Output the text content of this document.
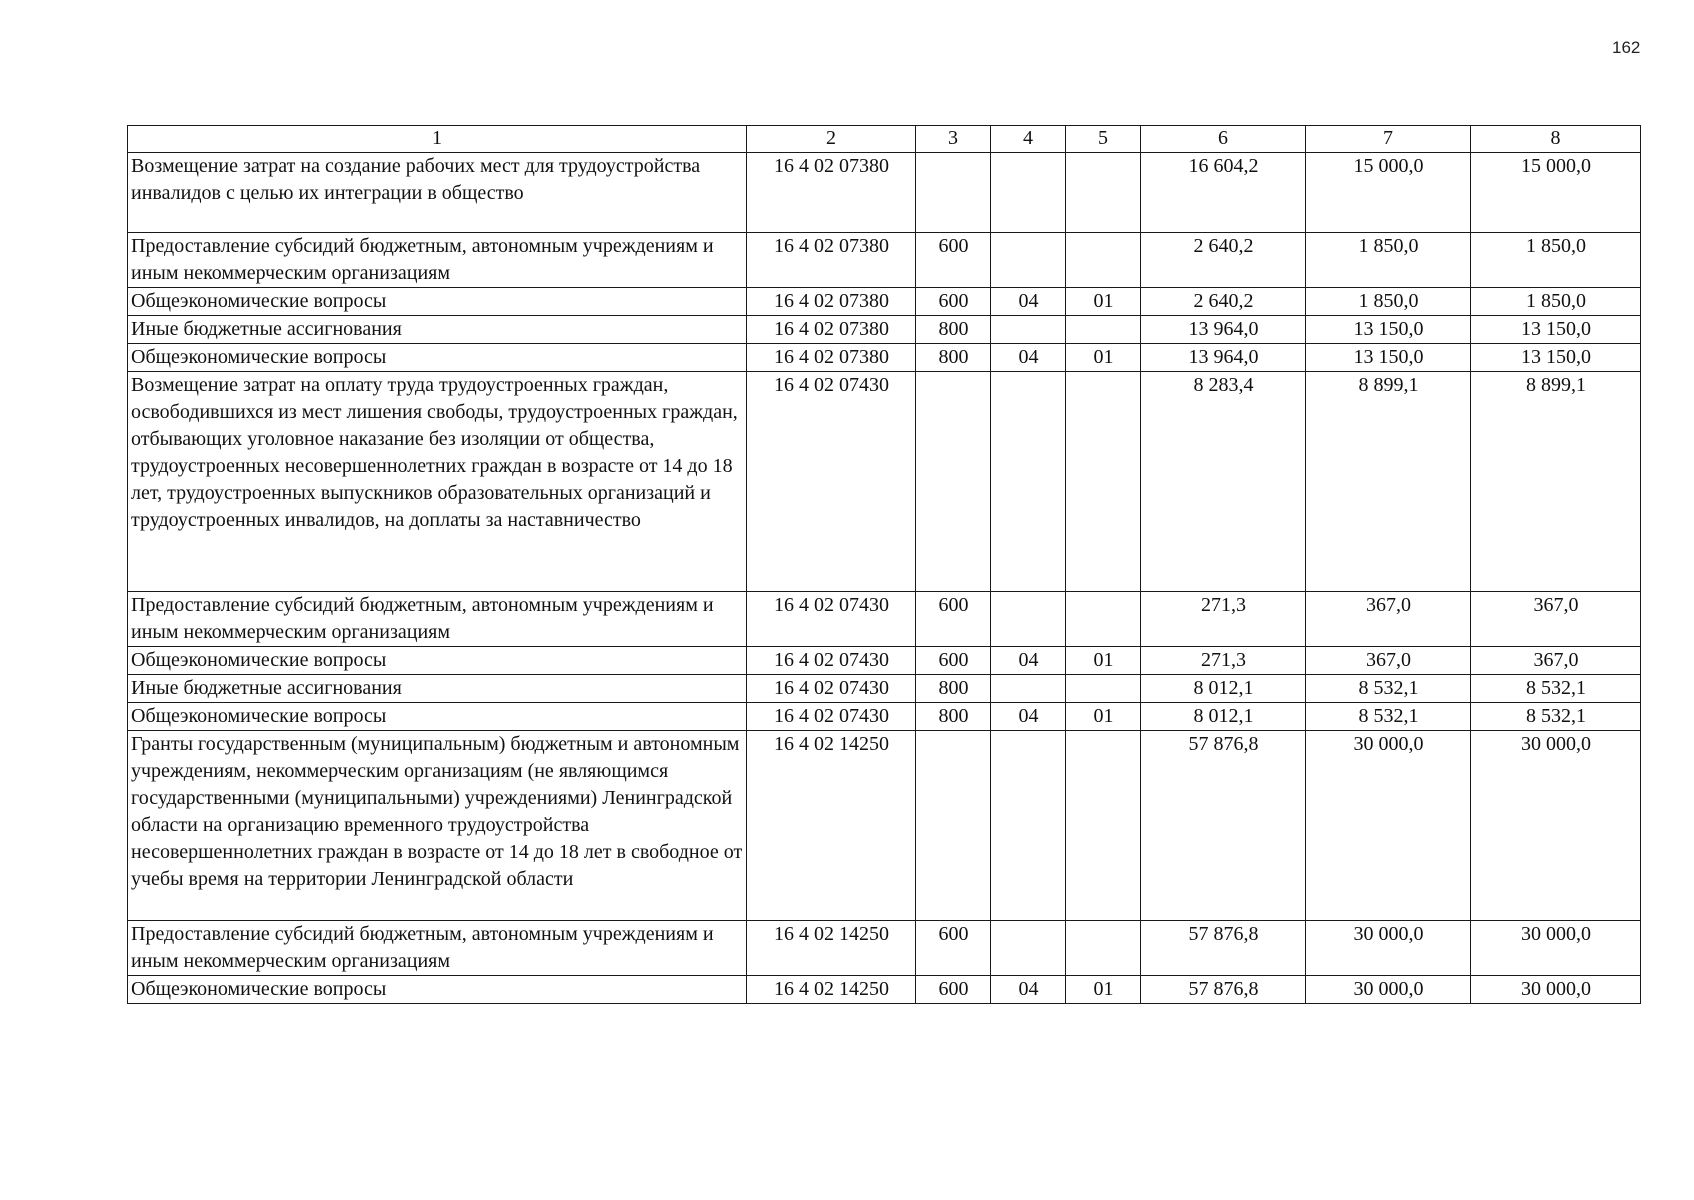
162
1	2	3	4	5	6	7	8
Возмещение затрат на создание рабочих мест для трудоустройства инвалидов с целью их интеграции в общество	16 4 02 07380				16 604,2	15 000,0	15 000,0
Предоставление субсидий бюджетным, автономным учреждениям и иным некоммерческим организациям	16 4 02 07380	600			2 640,2	1 850,0	1 850,0
Общеэкономические вопросы	16 4 02 07380	600	04	01	2 640,2	1 850,0	1 850,0
Иные бюджетные ассигнования	16 4 02 07380	800			13 964,0	13 150,0	13 150,0
Общеэкономические вопросы	16 4 02 07380	800	04	01	13 964,0	13 150,0	13 150,0
Возмещение затрат на оплату труда трудоустроенных граждан, освободившихся из мест лишения свободы, трудоустроенных граждан, отбывающих уголовное наказание без изоляции от общества, трудоустроенных несовершеннолетних граждан в возрасте от 14 до 18 лет, трудоустроенных выпускников образовательных организаций и трудоустроенных инвалидов, на доплаты за наставничество	16 4 02 07430				8 283,4	8 899,1	8 899,1
Предоставление субсидий бюджетным, автономным учреждениям и иным некоммерческим организациям	16 4 02 07430	600			271,3	367,0	367,0
Общеэкономические вопросы	16 4 02 07430	600	04	01	271,3	367,0	367,0
Иные бюджетные ассигнования	16 4 02 07430	800			8 012,1	8 532,1	8 532,1
Общеэкономические вопросы	16 4 02 07430	800	04	01	8 012,1	8 532,1	8 532,1
Гранты государственным (муниципальным) бюджетным и автономным учреждениям, некоммерческим организациям (не являющимся государственными (муниципальными) учреждениями) Ленинградской области на организацию временного трудоустройства несовершеннолетних граждан в возрасте от 14 до 18 лет в свободное от учебы время на территории Ленинградской области	16 4 02 14250				57 876,8	30 000,0	30 000,0
Предоставление субсидий бюджетным, автономным учреждениям и иным некоммерческим организациям	16 4 02 14250	600			57 876,8	30 000,0	30 000,0
Общеэкономические вопросы	16 4 02 14250	600	04	01	57 876,8	30 000,0	30 000,0
